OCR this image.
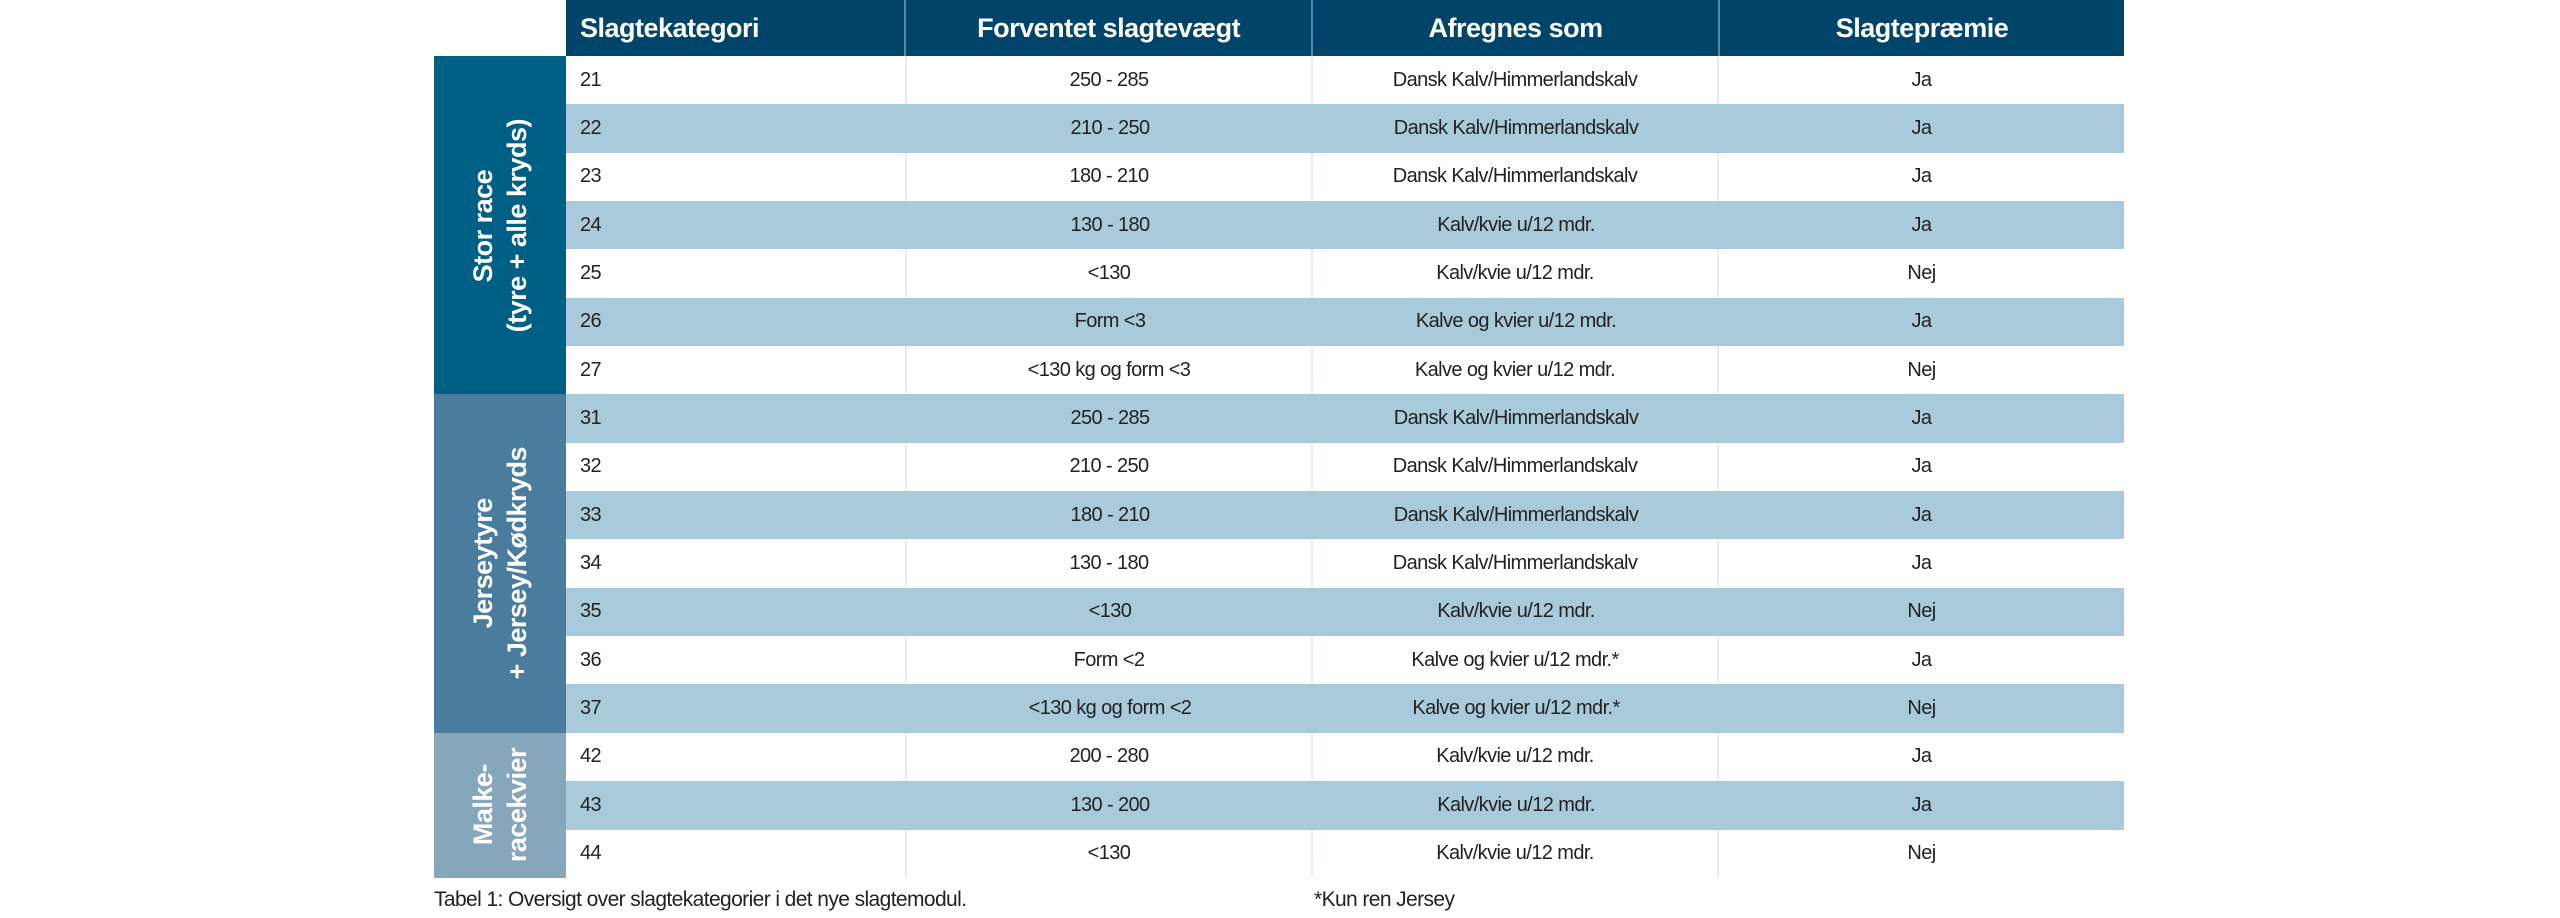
Stor race (tyre + alle kryds)
Jerseytyre + Jersey/Kødkryds
Malke- racekvier
Slagtekategori	Forventet slagtevægt	Afregnes som	Slagtepræmie
21	250 - 285	Dansk Kalv/Himmerlandskalv	Ja
22	210 - 250	Dansk Kalv/Himmerlandskalv	Ja
23	180 - 210	Dansk Kalv/Himmerlandskalv	Ja
24	130 - 180	Kalv/kvie u/12 mdr.	Ja
25	<130	Kalv/kvie u/12 mdr.	Nej
26	Form <3	Kalve og kvier u/12 mdr.	Ja
27	<130 kg og form <3	Kalve og kvier u/12 mdr.	Nej
31	250 - 285	Dansk Kalv/Himmerlandskalv	Ja
32	210 - 250	Dansk Kalv/Himmerlandskalv	Ja
33	180 - 210	Dansk Kalv/Himmerlandskalv	Ja
34	130 - 180	Dansk Kalv/Himmerlandskalv	Ja
35	<130	Kalv/kvie u/12 mdr.	Nej
36	Form <2	Kalve og kvier u/12 mdr.*	Ja
37	<130 kg og form <2	Kalve og kvier u/12 mdr.*	Nej
42	200 - 280	Kalv/kvie u/12 mdr.	Ja
43	130 - 200	Kalv/kvie u/12 mdr.	Ja
44	<130	Kalv/kvie u/12 mdr.	Nej
Tabel 1: Oversigt over slagtekategorier i det nye slagtemodul.	*Kun ren Jersey
